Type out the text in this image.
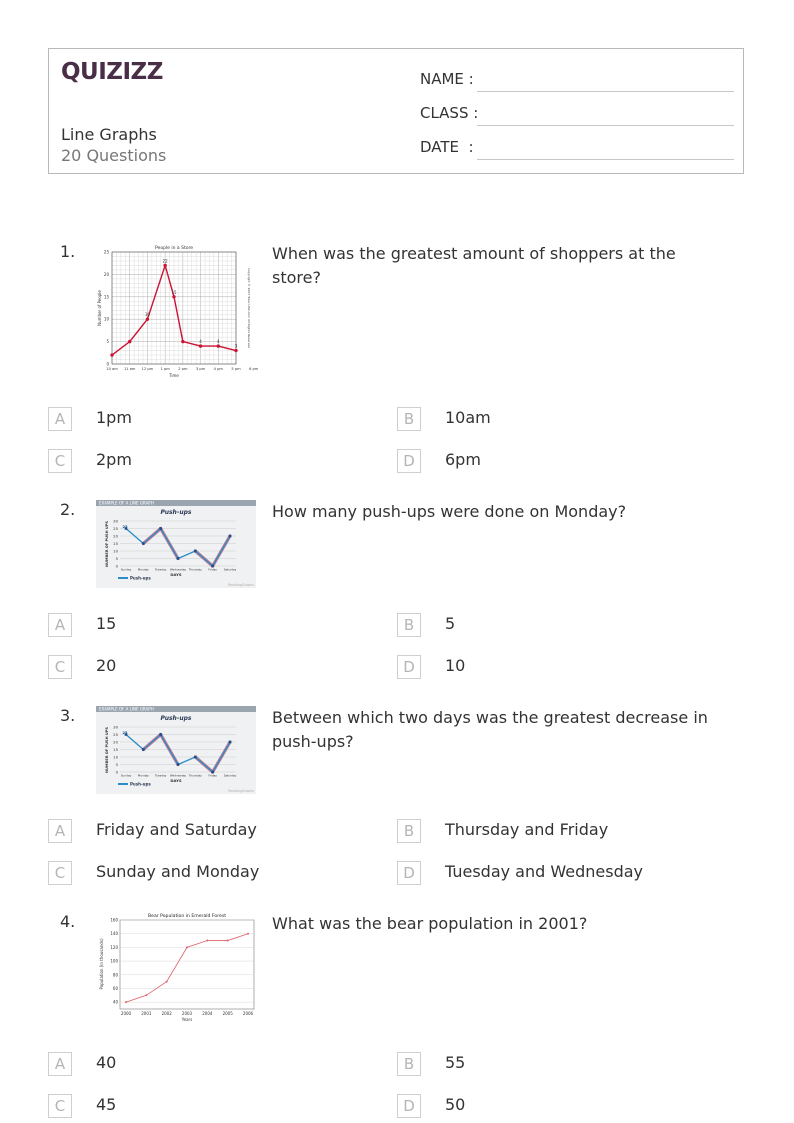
QUIZIZZ
Line Graphs
20 Questions
NAME :
CLASS :
DATE  :
1.	People in a Store
0
5
10
15
20
25
10 am 11 am 12 pm 1 pm 2 pm 3 pm 4 pm 5 pm 6 pm
Time
Number of People	10
22
15
4	4
3	Copyright © 2007 Tutor-USA.com All Rights Reserved
When was the greatest amount of shoppers at the store?
A	1pm	B	10am
C	2pm	D	6pm
2.	EXAMPLE OF A LINE GRAPH
Push-ups
0
5
10
15
20
25
30
Sunday Monday	Tuesday Wednesday Thursday Friday Saturday
DAYS
NUMBER OF PUSH UPS	25
Push-ups
ReadingGraphs
How many push-ups were done on Monday?
A	15	B	5
C	20	D	10
3.	EXAMPLE OF A LINE GRAPH
Push-ups
0
5
10
15
20
25
30
Sunday Monday	Tuesday Wednesday Thursday Friday Saturday
DAYS
NUMBER OF PUSH UPS	25
Push-ups
ReadingGraphs
Between which two days was the greatest decrease in push-ups?
A	Friday and Saturday	B	Thursday and Friday
C	Sunday and Monday	D	Tuesday and Wednesday
4.	Bear Population in Emerald Forest
40
60
80
100
120
140
160
2000	2001	2002	2003	2004	2005	2006
Years
Population (in thousands)
What was the bear population in 2001?
A	40	B	55
C	45	D	50
